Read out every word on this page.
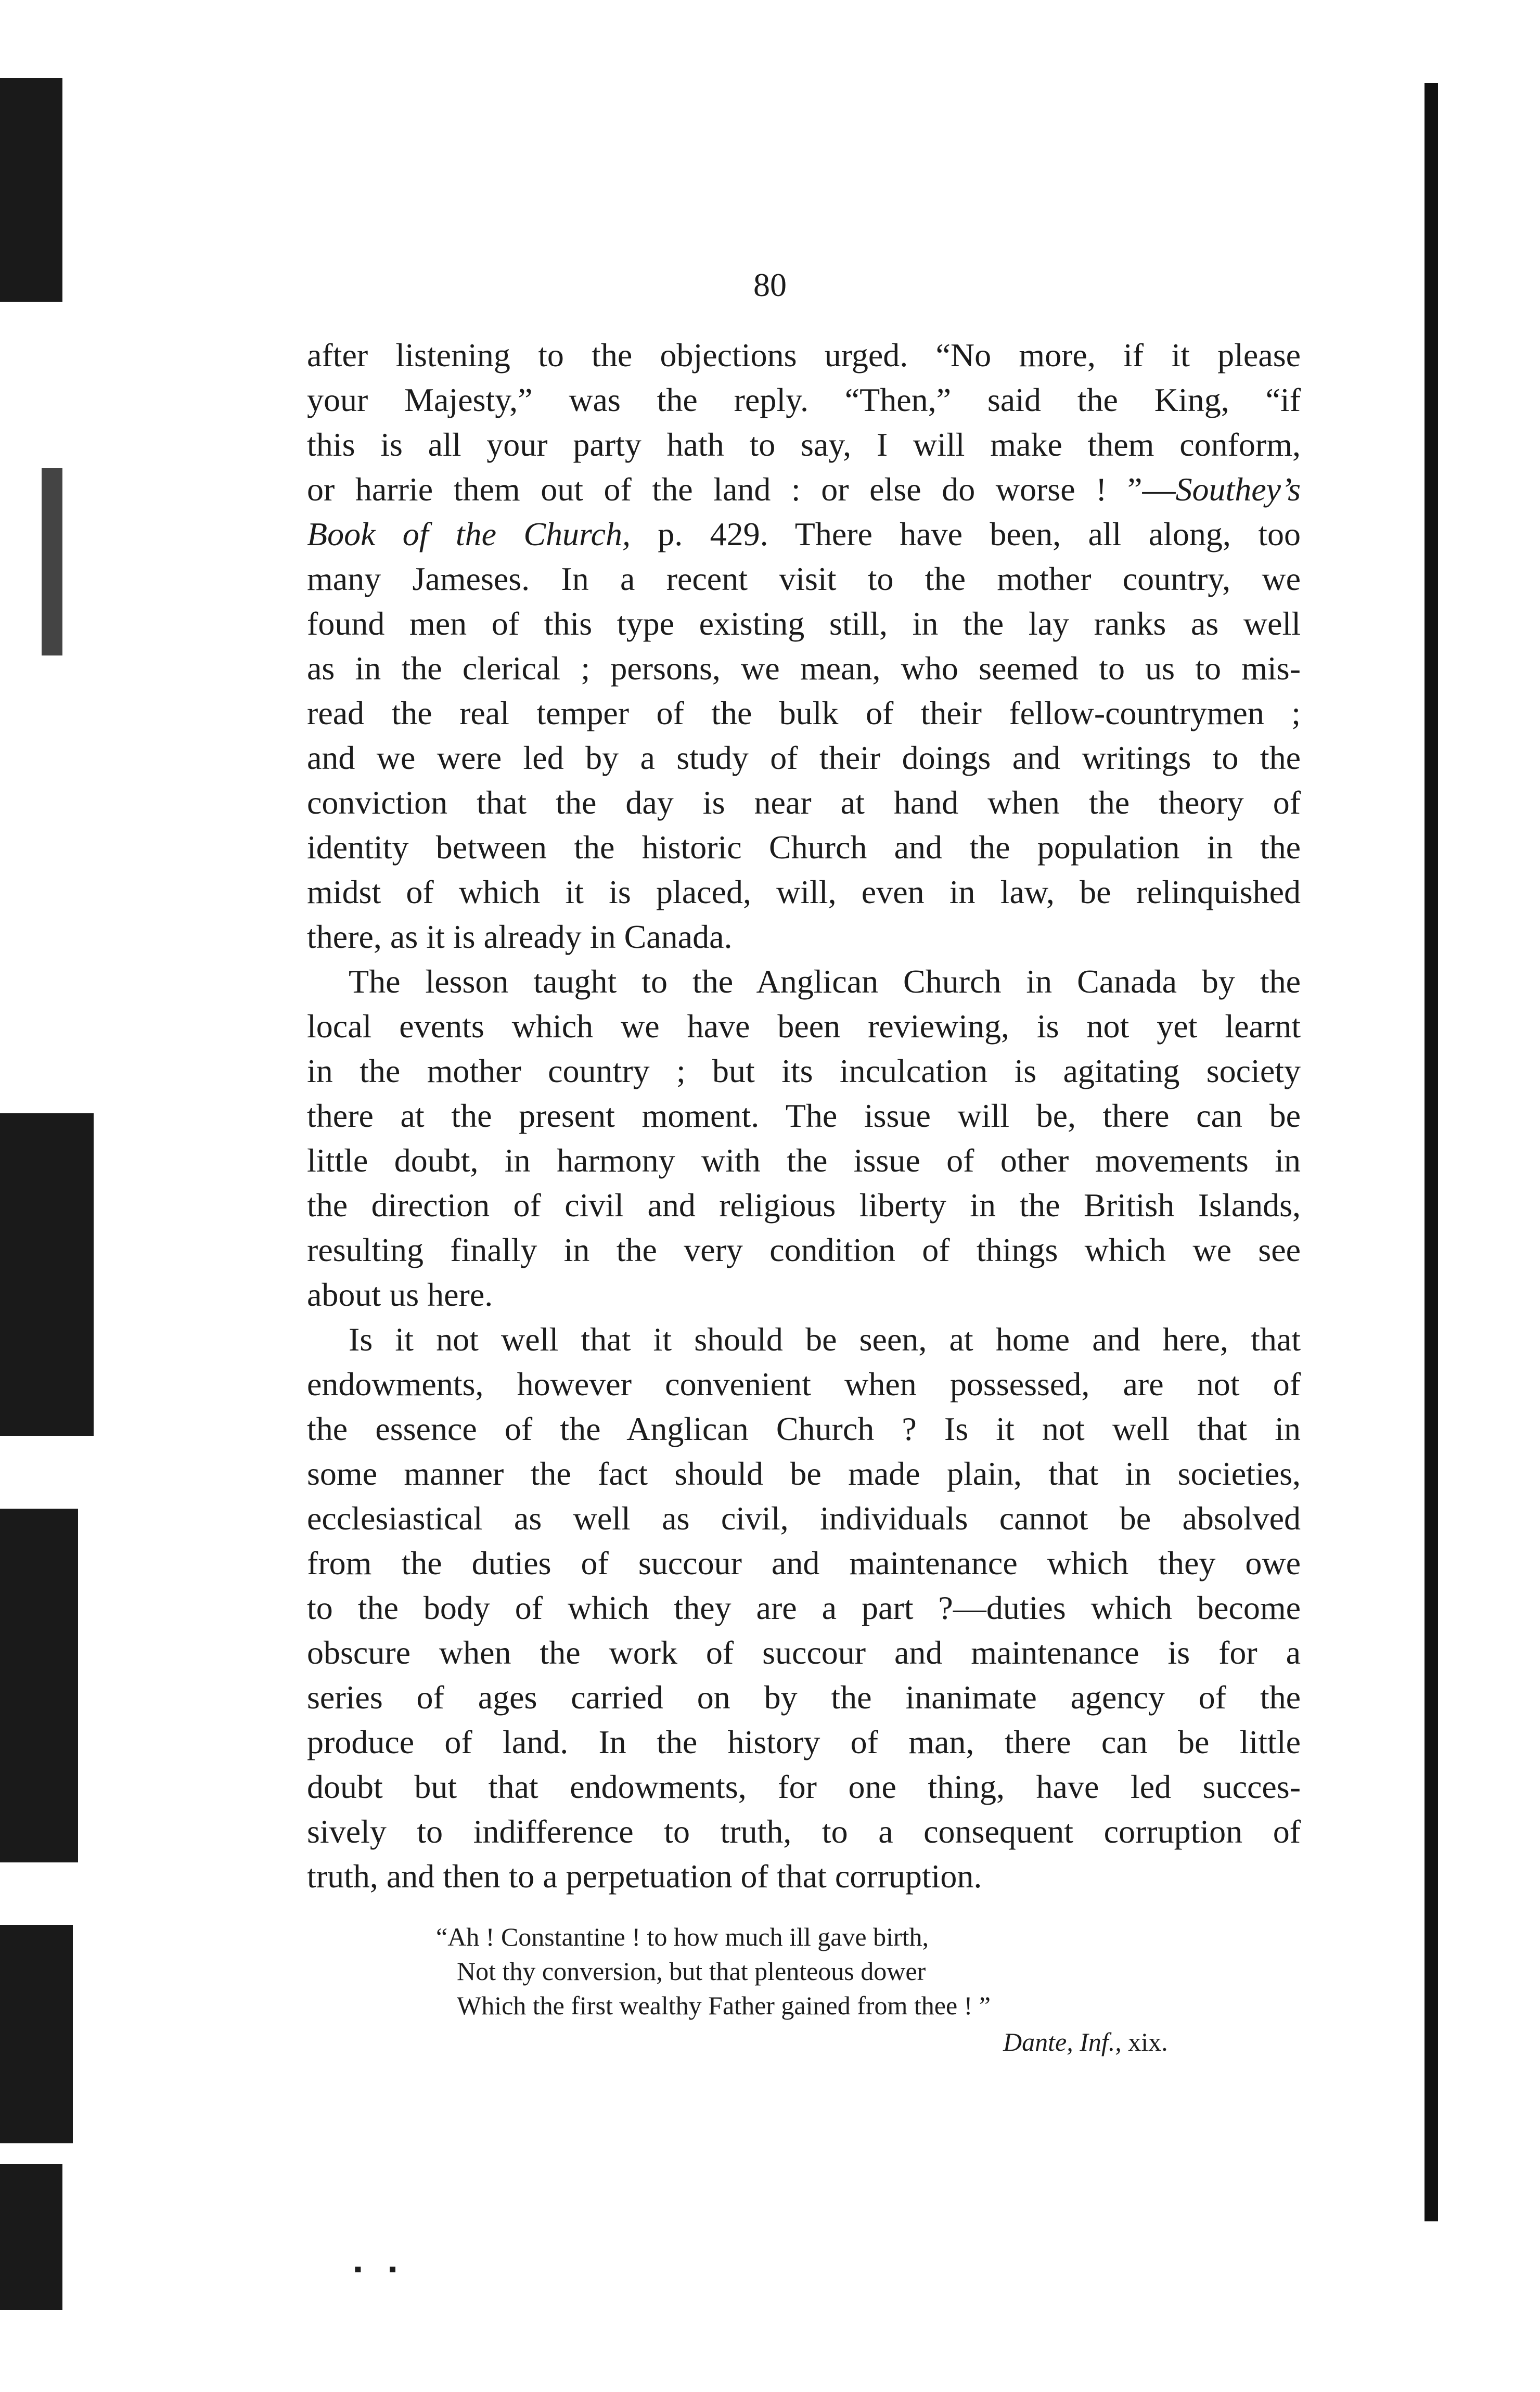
80
after listening to the objections urged. “No more, if it please
your Majesty,” was the reply. “Then,” said the King, “if
this is all your party hath to say, I will make them conform,
or harrie them out of the land : or else do worse ! ”—Southey’s
Book of the Church, p. 429. There have been, all along, too
many Jameses. In a recent visit to the mother country, we
found men of this type existing still, in the lay ranks as well
as in the clerical ; persons, we mean, who seemed to us to mis-
read the real temper of the bulk of their fellow-countrymen ;
and we were led by a study of their doings and writings to the
conviction that the day is near at hand when the theory of
identity between the historic Church and the population in the
midst of which it is placed, will, even in law, be relinquished
there, as it is already in Canada.
The lesson taught to the Anglican Church in Canada by the
local events which we have been reviewing, is not yet learnt
in the mother country ; but its inculcation is agitating society
there at the present moment. The issue will be, there can be
little doubt, in harmony with the issue of other movements in
the direction of civil and religious liberty in the British Islands,
resulting finally in the very condition of things which we see
about us here.
Is it not well that it should be seen, at home and here, that
endowments, however convenient when possessed, are not of
the essence of the Anglican Church ? Is it not well that in
some manner the fact should be made plain, that in societies,
ecclesiastical as well as civil, individuals cannot be absolved
from the duties of succour and maintenance which they owe
to the body of which they are a part ?—duties which become
obscure when the work of succour and maintenance is for a
series of ages carried on by the inanimate agency of the
produce of land. In the history of man, there can be little
doubt but that endowments, for one thing, have led succes-
sively to indifference to truth, to a consequent corruption of
truth, and then to a perpetuation of that corruption.
“Ah ! Constantine ! to how much ill gave birth,
Not thy conversion, but that plenteous dower
Which the first wealthy Father gained from thee ! ”
Dante, Inf., xix.
▪ ▪
